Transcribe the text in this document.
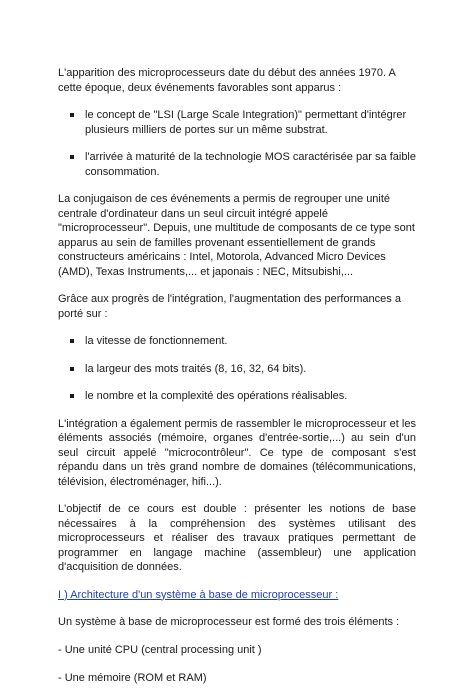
L'apparition des microprocesseurs date du début des années 1970. A cette époque, deux événements favorables sont apparus :

le concept de "LSI (Large Scale Integration)" permettant d'intégrer plusieurs milliers de portes sur un même substrat.
l'arrivée à maturité de la technologie MOS caractérisée par sa faible consommation.

La conjugaison de ces événements a permis de regrouper une unité centrale d'ordinateur dans un seul circuit intégré appelé "microprocesseur". Depuis, une multitude de composants de ce type sont apparus au sein de familles provenant essentiellement de grands constructeurs américains : Intel, Motorola, Advanced Micro Devices (AMD), Texas Instruments,... et japonais : NEC, Mitsubishi,...

Grâce aux progrès de l'intégration, l'augmentation des performances a porté sur :

la vitesse de fonctionnement.
la largeur des mots traités (8, 16, 32, 64 bits).
le nombre et la complexité des opérations réalisables.

L'intégration a également permis de rassembler le microprocesseur et les éléments associés (mémoire, organes d'entrée-sortie,...) au sein d'un seul circuit appelé "microcontrôleur". Ce type de composant s'est répandu dans un très grand nombre de domaines (télécommunications, télévision, électroménager, hifi...).

L'objectif de ce cours est double : présenter les notions de base nécessaires à la compréhension des systèmes utilisant des microprocesseurs et réaliser des travaux pratiques permettant de programmer en langage machine (assembleur) une application d'acquisition de données.

I ) Architecture d'un système à base de microprocesseur :

Un système à base de microprocesseur est formé des trois éléments :

- Une unité CPU (central processing unit )

- Une mémoire (ROM et RAM)
